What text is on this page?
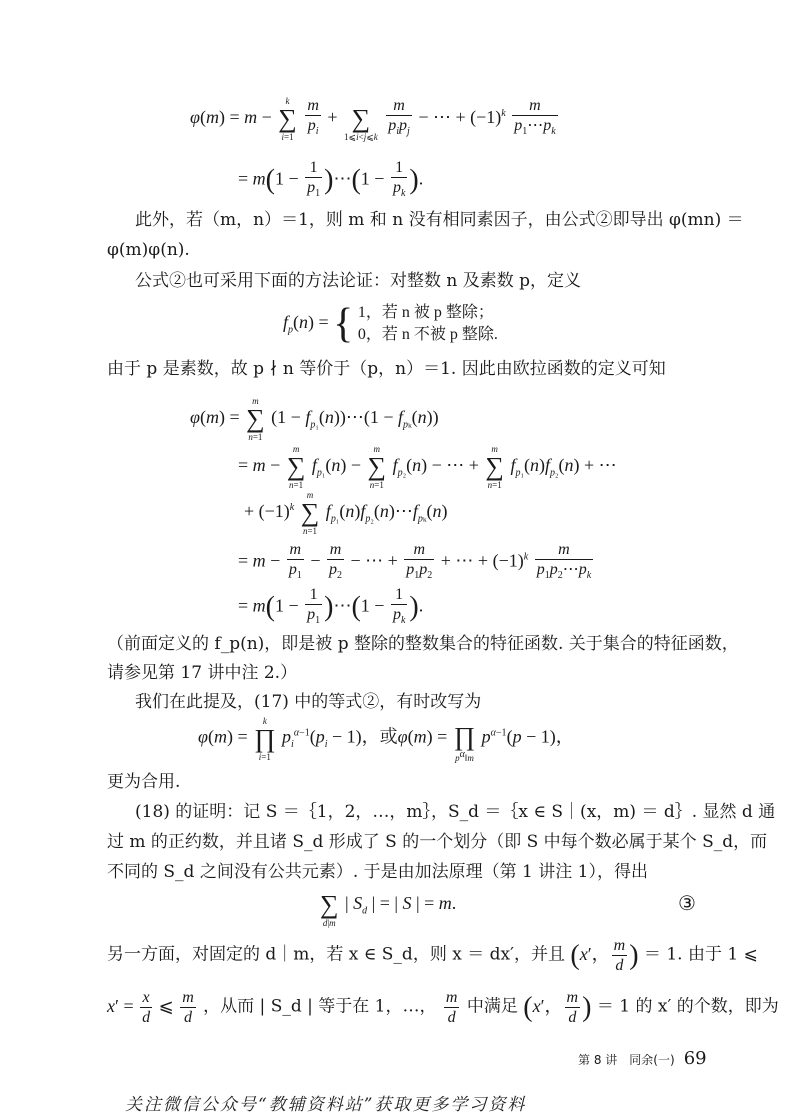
φ(m) = m −
k
∑
i=1
$\frac{m}{p_i}$ +
∑
1⩽i<j⩽k
$\frac{m}{p_ip_j}$ − ⋯ + $(-1)^k \frac{m}{p_1\cdots p_k}$
= $m(1 - \frac{1}{p_1}$ )⋯(1 − $\frac{1}{p_k}$ ).
此外，若（m，n）＝1，则 m 和 n 没有相同素因子，由公式②即导出 φ(mn) ＝
φ(m)φ(n).
公式②也可采用下面的方法论证：对整数 n 及素数 p，定义
$f_p(n)$ = { 1，若 n 被 p 整除；
0，若 n 不被 p 整除.
由于 p 是素数，故 p ∤ n 等价于（p，n）＝1. 因此由欧拉函数的定义可知
φ(m) =
m
∑
n=1
$(1 - f_{p_1}(n))\cdots(1 - f_{p_k}(n))$
= m −
m
∑
n=1
$f_{p_1}(n)$ −
m
∑
n=1
$f_{p_2}(n)$ − ⋯ +
m
∑
n=1
$f_{p_1}(n)f_{p_2}(n)$ + ⋯
+ $(-1)^k$
m
∑
n=1
$f_{p_1}(n)f_{p_2}(n)\cdots f_{p_k}(n)$
= $m - \frac{m}{p_1} - \frac{m}{p_2}$ − ⋯ + $\frac{m}{p_1p_2}$ + ⋯ + $(-1)^k \frac{m}{p_1p_2\cdots p_k}$
= $m(1 - \frac{1}{p_1}$ )⋯(1 − $\frac{1}{p_k}$ ).
（前面定义的 f_p(n)，即是被 p 整除的整数集合的特征函数. 关于集合的特征函数，
请参见第 17 讲中注 2.）
我们在此提及，(17) 中的等式②，有时改写为
φ(m) =
k
∏
i=1
$p_i^{\alpha-1}(p_i - 1)$，或φ(m) =
∏
$p^\alpha‖m$
$p^{\alpha-1}(p - 1)$，
更为合用.
(18) 的证明：记 S ＝｛1，2，…，m｝，S_d ＝｛x ∈ S｜(x，m) ＝ d｝. 显然 d 通
过 m 的正约数，并且诸 S_d 形成了 S 的一个划分（即 S 中每个数必属于某个 S_d，而
不同的 S_d 之间没有公共元素）. 于是由加法原理（第 1 讲注 1），得出

∑
d|m
| $S_d$ | = | S | = m.	③
另一方面，对固定的 d｜m，若 x ∈ S_d，则 x ＝ dx′，并且 (x′， $\frac{m}{d}$ ) ＝ 1. 由于 1 ⩽
$x' = \frac{x}{d}$ ⩽ $\frac{m}{d}$ ，从而 | S_d | 等于在 1，…， $\frac{m}{d}$ 中满足 (x′， $\frac{m}{d}$ ) ＝ 1 的 x′ 的个数，即为
第 8 讲　同余(一) 69
关注微信公众号“教辅资料站”获取更多学习资料
